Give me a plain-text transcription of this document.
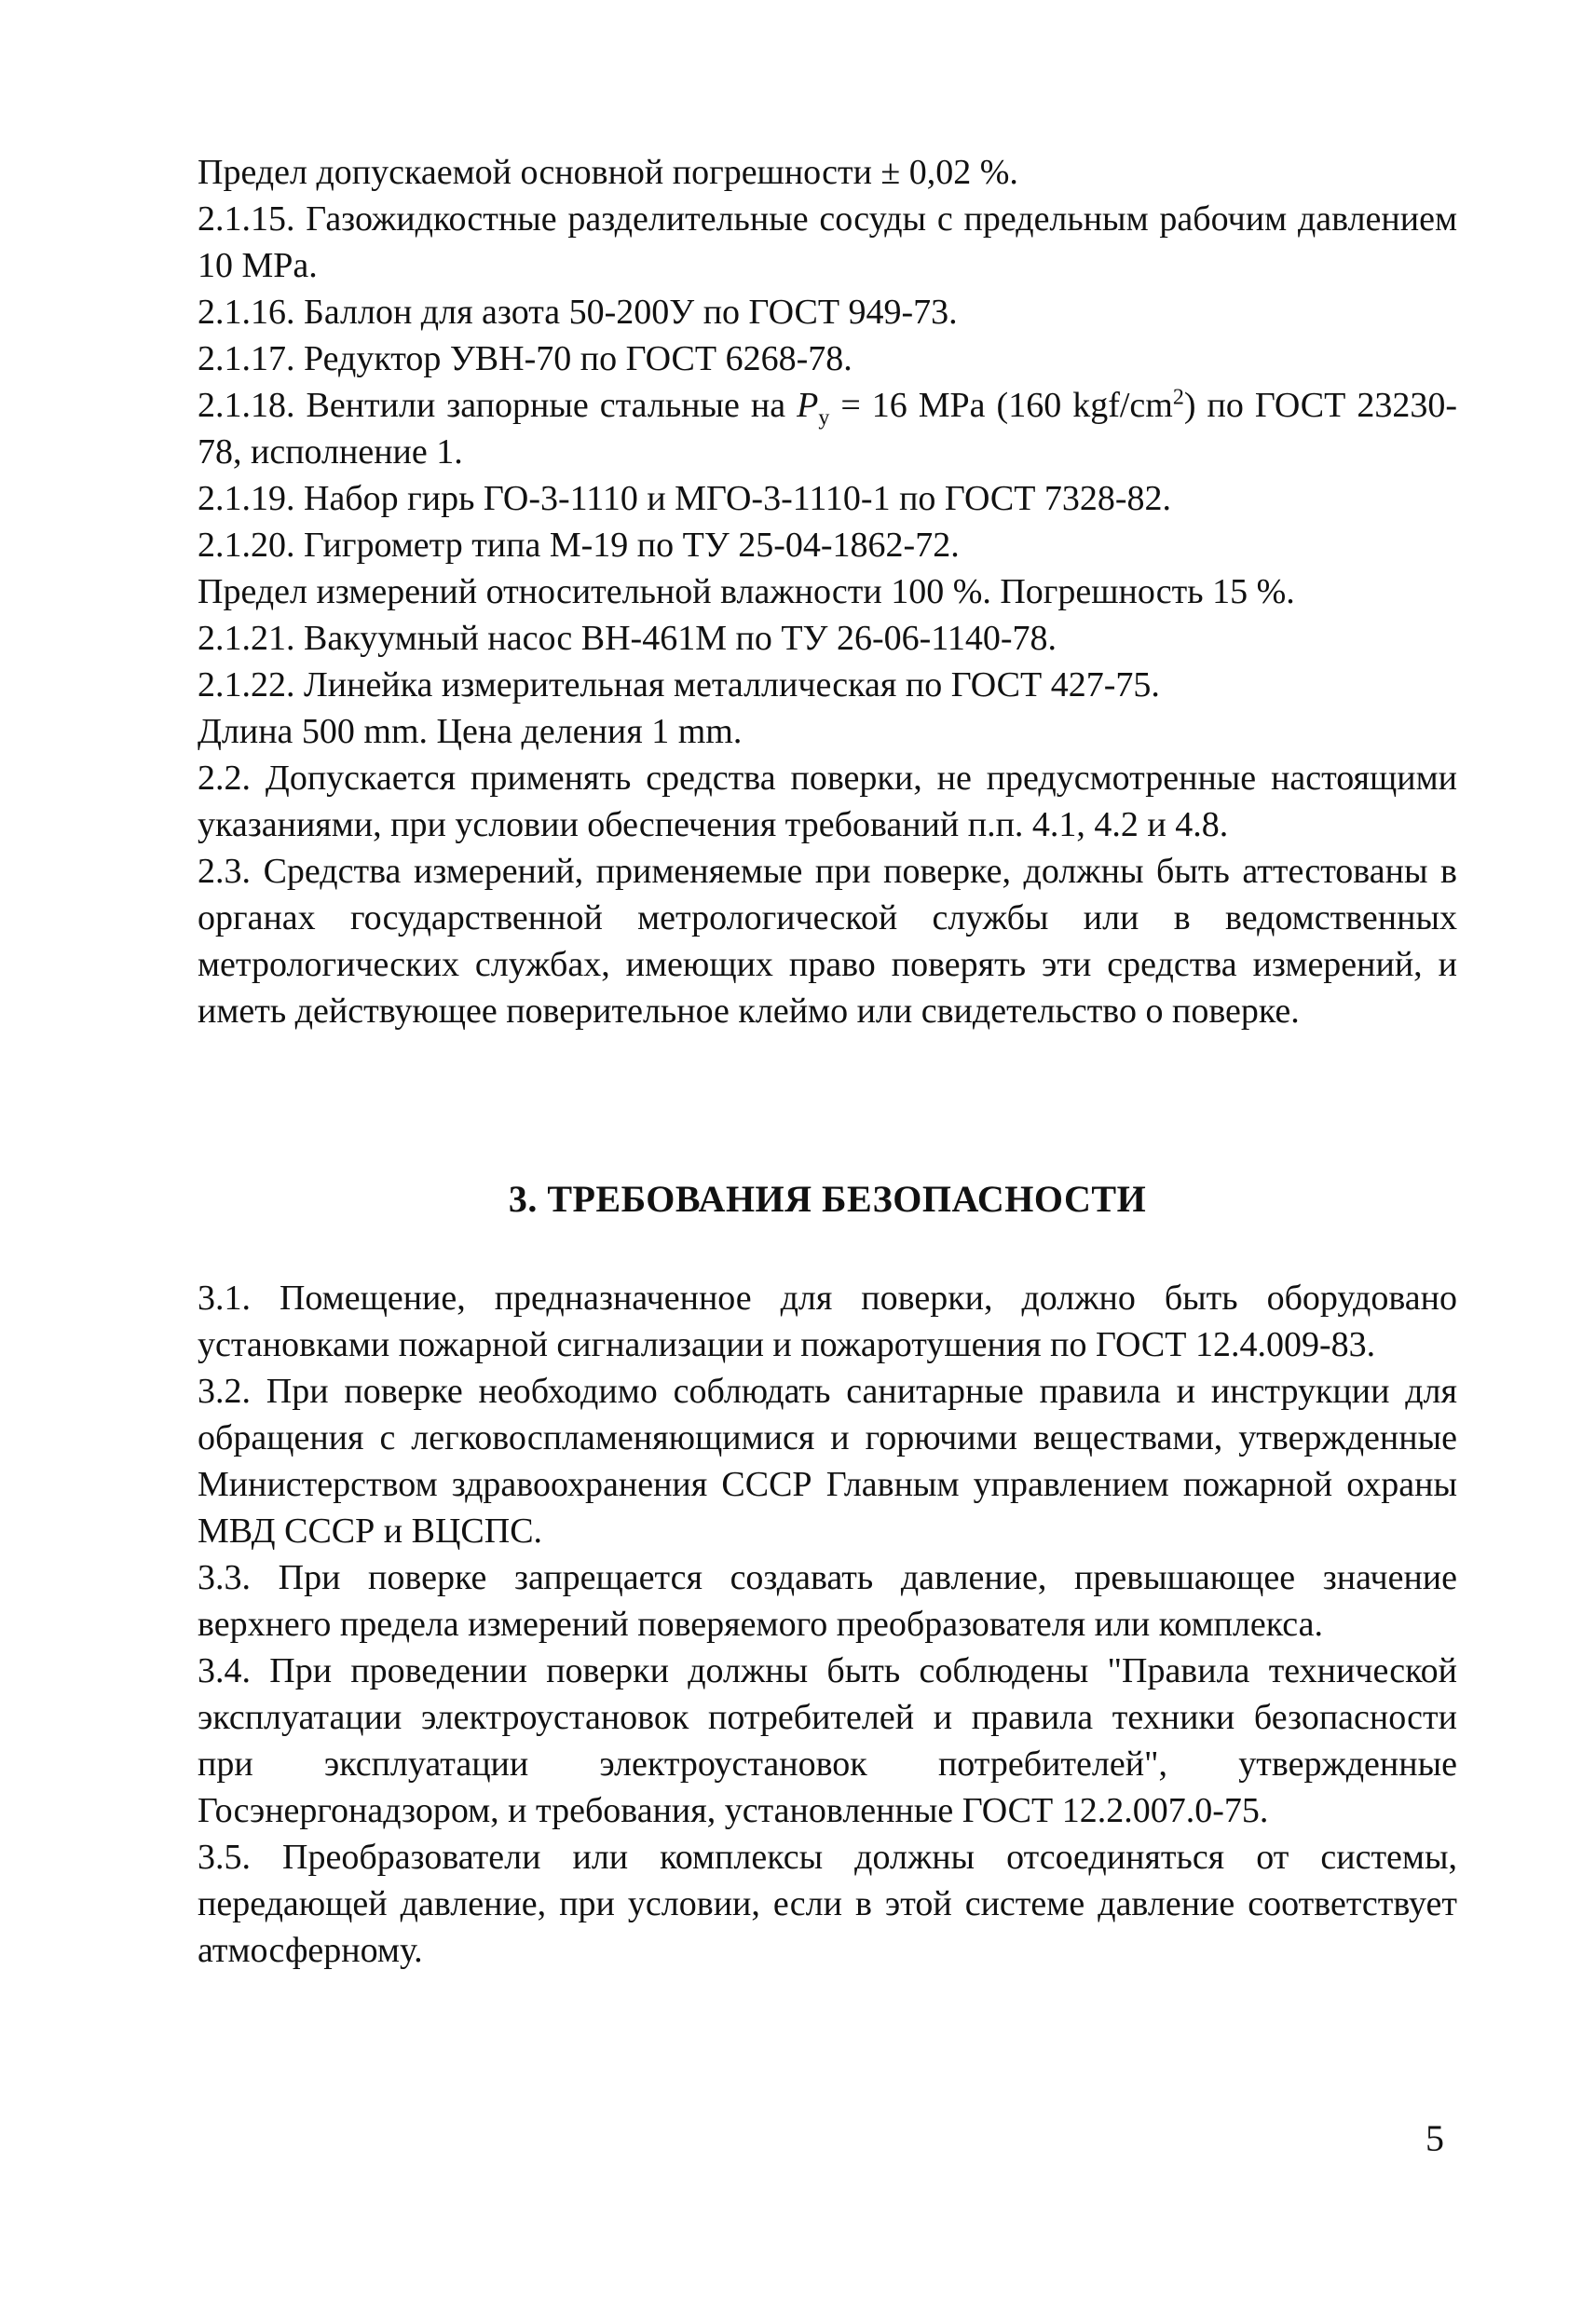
Предел допускаемой основной погрешности ± 0,02 %.

2.1.15. Газожидкостные разделительные сосуды с предельным рабочим давлением 10 MPa.

2.1.16. Баллон для азота 50-200У по ГОСТ 949-73.

2.1.17. Редуктор УВН-70 по ГОСТ 6268-78.

2.1.18. Вентили запорные стальные на $P_y = 16$ MPa (160 kgf/$cm^2$) по ГОСТ 23230-78, исполнение 1.

2.1.19. Набор гирь ГО-3-1110 и МГО-3-1110-1 по ГОСТ 7328-82.

2.1.20. Гигрометр типа М-19 по ТУ 25-04-1862-72.

Предел измерений относительной влажности 100 %. Погрешность 15 %.

2.1.21. Вакуумный насос ВН-461М по ТУ 26-06-1140-78.

2.1.22. Линейка измерительная металлическая по ГОСТ 427-75.

Длина 500 mm. Цена деления 1 mm.

2.2. Допускается применять средства поверки, не предусмотренные настоящими указаниями, при условии обеспечения требований п.п. 4.1, 4.2 и 4.8.

2.3. Средства измерений, применяемые при поверке, должны быть аттестованы в органах государственной метрологической службы или в ведомственных метрологических службах, имеющих право поверять эти средства измерений, и иметь действующее поверительное клеймо или свидетельство о поверке.

3. ТРЕБОВАНИЯ БЕЗОПАСНОСТИ

3.1. Помещение, предназначенное для поверки, должно быть оборудовано установками пожарной сигнализации и пожаротушения по ГОСТ 12.4.009-83.

3.2. При поверке необходимо соблюдать санитарные правила и инструкции для обращения с легковоспламеняющимися и горючими веществами, утвержденные Министерством здравоохранения СССР Главным управлением пожарной охраны МВД СССР и ВЦСПС.

3.3. При поверке запрещается создавать давление, превышающее значение верхнего предела измерений поверяемого преобразователя или комплекса.

3.4. При проведении поверки должны быть соблюдены "Правила технической эксплуатации электроустановок потребителей и правила техники безопасности при эксплуатации электроустановок потребителей", утвержденные Госэнергонадзором, и требования, установленные ГОСТ 12.2.007.0-75.

3.5. Преобразователи или комплексы должны отсоединяться от системы, передающей давление, при условии, если в этой системе давление соответствует атмосферному.

5
